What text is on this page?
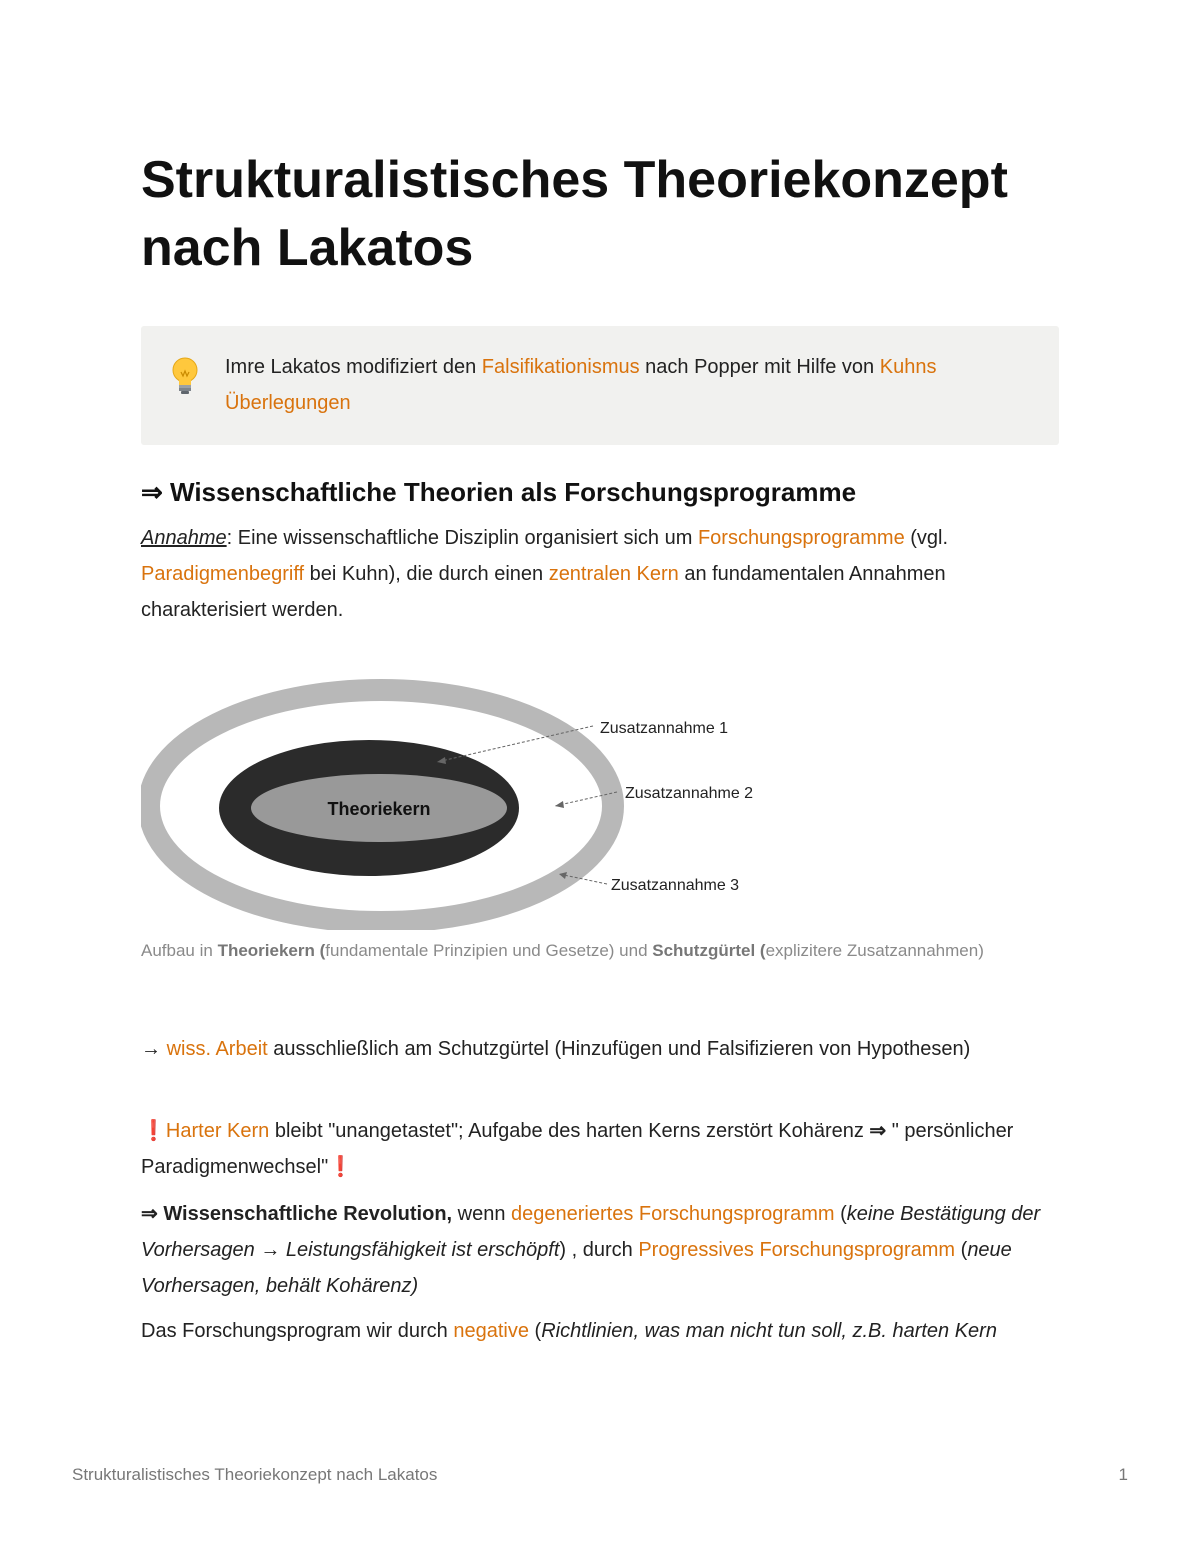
Strukturalistisches Theoriekonzept nach Lakatos
Imre Lakatos modifiziert den Falsifikationismus nach Popper mit Hilfe von Kuhns Überlegungen
⇒ Wissenschaftliche Theorien als Forschungsprogramme

Annahme: Eine wissenschaftliche Disziplin organisiert sich um Forschungsprogramme (vgl. Paradigmenbegriff bei Kuhn), die durch einen zentralen Kern an fundamentalen Annahmen charakterisiert werden.

Theoriekern
Zusatzannahme 1
Zusatzannahme 2
Zusatzannahme 3
Aufbau in Theoriekern (fundamentale Prinzipien und Gesetze) und Schutzgürtel (explizitere Zusatzannahmen)

→ wiss. Arbeit ausschließlich am Schutzgürtel (Hinzufügen und Falsifizieren von Hypothesen)

❗Harter Kern bleibt "unangetastet"; Aufgabe des harten Kerns zerstört Kohärenz ⇒ " persönlicher Paradigmenwechsel"❗

⇒ Wissenschaftliche Revolution, wenn degeneriertes Forschungsprogramm (keine Bestätigung der Vorhersagen → Leistungsfähigkeit ist erschöpft) , durch Progressives Forschungsprogramm (neue Vorhersagen, behält Kohärenz)

Das Forschungsprogram wir durch negative (Richtlinien, was man nicht tun soll, z.B. harten Kern

Strukturalistisches Theoriekonzept nach Lakatos	1
